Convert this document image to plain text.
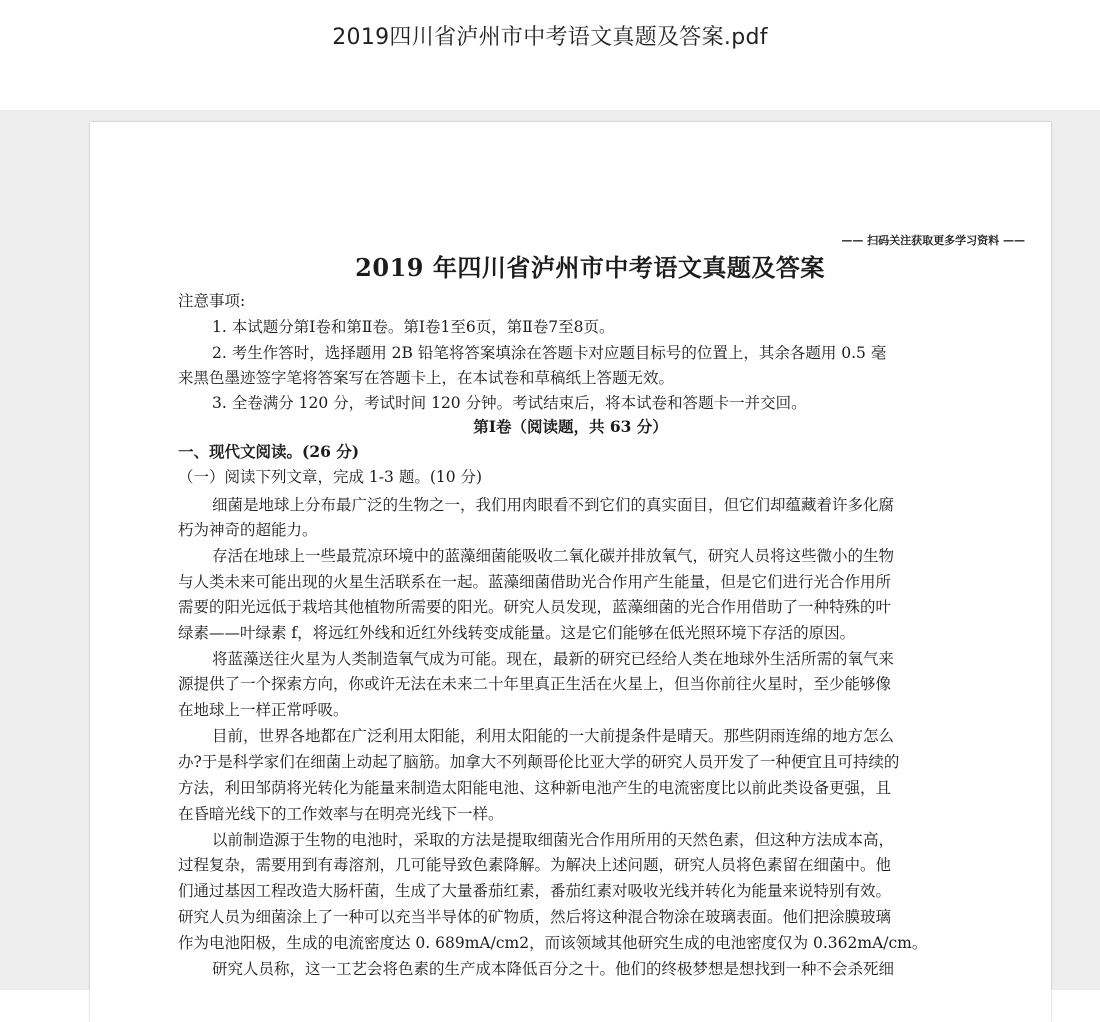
2019四川省泸州市中考语文真题及答案.pdf
—— 扫码关注获取更多学习资料 ——
2019 年四川省泸州市中考语文真题及答案
注意事项:
1. 本试题分第Ⅰ卷和第Ⅱ卷。第Ⅰ卷1至6页，第Ⅱ卷7至8页。
2. 考生作答时，选择题用 2B 铅笔将答案填涂在答题卡对应题目标号的位置上，其余各题用 0.5 毫
来黑色墨迹签字笔将答案写在答题卡上，在本试卷和草稿纸上答题无效。
3. 全卷满分 120 分，考试时间 120 分钟。考试结束后，将本试卷和答题卡一并交回。
第Ⅰ卷（阅读题，共 63 分）
一、现代文阅读。(26 分)
（一）阅读下列文章，完成 1-3 题。(10 分)
细菌是地球上分布最广泛的生物之一，我们用肉眼看不到它们的真实面目，但它们却蕴藏着许多化腐
朽为神奇的超能力。
存活在地球上一些最荒凉环境中的蓝藻细菌能吸收二氧化碳并排放氧气，研究人员将这些微小的生物
与人类未来可能出现的火星生活联系在一起。蓝藻细菌借助光合作用产生能量，但是它们进行光合作用所
需要的阳光远低于栽培其他植物所需要的阳光。研究人员发现，蓝藻细菌的光合作用借助了一种特殊的叶
绿素——叶绿素 f，将远红外线和近红外线转变成能量。这是它们能够在低光照环境下存活的原因。
将蓝藻送往火星为人类制造氧气成为可能。现在，最新的研究已经给人类在地球外生活所需的氧气来
源提供了一个探索方向，你或许无法在未来二十年里真正生活在火星上，但当你前往火星时，至少能够像
在地球上一样正常呼吸。
目前，世界各地都在广泛利用太阳能，利用太阳能的一大前提条件是晴天。那些阴雨连绵的地方怎么
办?于是科学家们在细菌上动起了脑筋。加拿大不列颠哥伦比亚大学的研究人员开发了一种便宜且可持续的
方法，利田邹荫将光转化为能量来制造太阳能电池、这种新电池产生的电流密度比以前此类设备更强，且
在昏暗光线下的工作效率与在明亮光线下一样。
以前制造源于生物的电池时，采取的方法是提取细菌光合作用所用的天然色素，但这种方法成本高，
过程复杂，需要用到有毒溶剂，几可能导致色素降解。为解决上述问题，研究人员将色素留在细菌中。他
们通过基因工程改造大肠杆菌，生成了大量番茄红素，番茄红素对吸收光线并转化为能量来说特别有效。
研究人员为细菌涂上了一种可以充当半导体的矿物质，然后将这种混合物涂在玻璃表面。他们把涂膜玻璃
作为电池阳极，生成的电流密度达 0. 689mA/cm2，而该领域其他研究生成的电池密度仅为 0.362mA/cm。
研究人员称，这一工艺会将色素的生产成本降低百分之十。他们的终极梦想是想找到一种不会杀死细
